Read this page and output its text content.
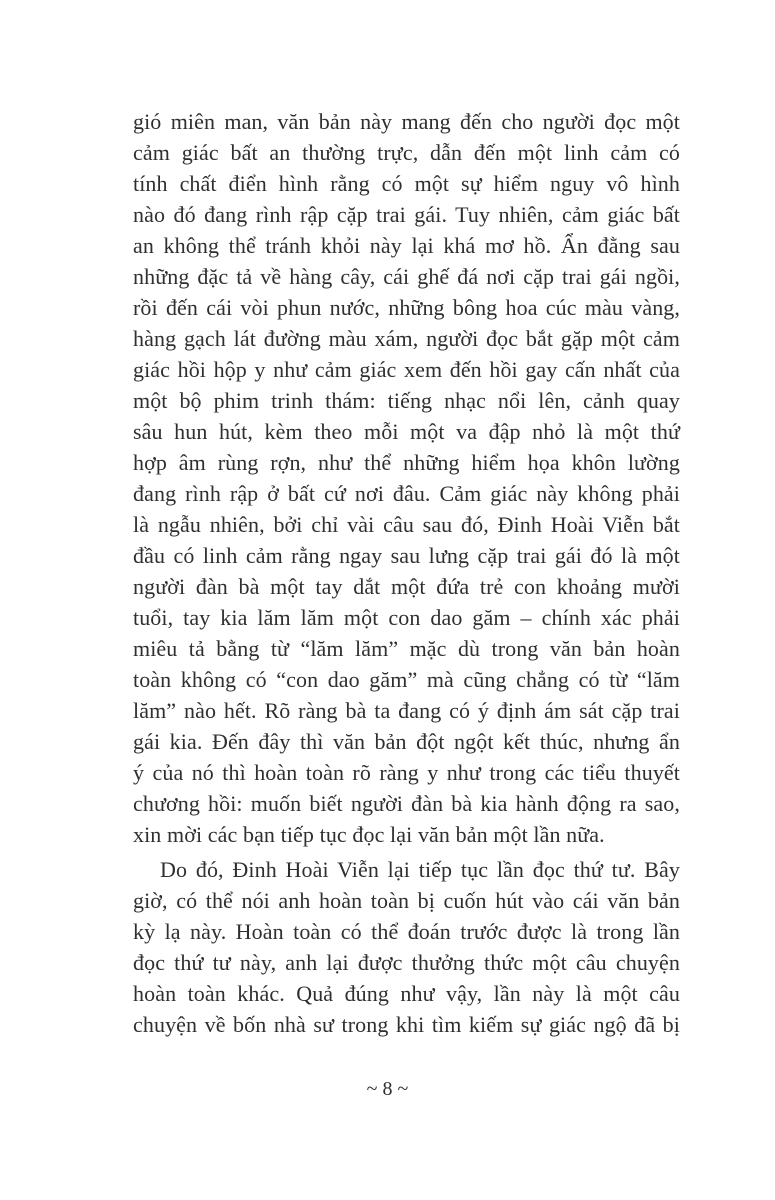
gió miên man, văn bản này mang đến cho người đọc một
cảm giác bất an thường trực, dẫn đến một linh cảm có
tính chất điển hình rằng có một sự hiểm nguy vô hình
nào đó đang rình rập cặp trai gái. Tuy nhiên, cảm giác bất
an không thể tránh khỏi này lại khá mơ hồ. Ẩn đằng sau
những đặc tả về hàng cây, cái ghế đá nơi cặp trai gái ngồi,
rồi đến cái vòi phun nước, những bông hoa cúc màu vàng,
hàng gạch lát đường màu xám, người đọc bắt gặp một cảm
giác hồi hộp y như cảm giác xem đến hồi gay cấn nhất của
một bộ phim trinh thám: tiếng nhạc nổi lên, cảnh quay
sâu hun hút, kèm theo mỗi một va đập nhỏ là một thứ
hợp âm rùng rợn, như thể những hiểm họa khôn lường
đang rình rập ở bất cứ nơi đâu. Cảm giác này không phải
là ngẫu nhiên, bởi chỉ vài câu sau đó, Đinh Hoài Viễn bắt
đầu có linh cảm rằng ngay sau lưng cặp trai gái đó là một
người đàn bà một tay dắt một đứa trẻ con khoảng mười
tuổi, tay kia lăm lăm một con dao găm – chính xác phải
miêu tả bằng từ “lăm lăm” mặc dù trong văn bản hoàn
toàn không có “con dao găm” mà cũng chẳng có từ “lăm
lăm” nào hết. Rõ ràng bà ta đang có ý định ám sát cặp trai
gái kia. Đến đây thì văn bản đột ngột kết thúc, nhưng ẩn
ý của nó thì hoàn toàn rõ ràng y như trong các tiểu thuyết
chương hồi: muốn biết người đàn bà kia hành động ra sao,
xin mời các bạn tiếp tục đọc lại văn bản một lần nữa.
Do đó, Đinh Hoài Viễn lại tiếp tục lần đọc thứ tư. Bây
giờ, có thể nói anh hoàn toàn bị cuốn hút vào cái văn bản
kỳ lạ này. Hoàn toàn có thể đoán trước được là trong lần
đọc thứ tư này, anh lại được thưởng thức một câu chuyện
hoàn toàn khác. Quả đúng như vậy, lần này là một câu
chuyện về bốn nhà sư trong khi tìm kiếm sự giác ngộ đã bị
~ 8 ~
